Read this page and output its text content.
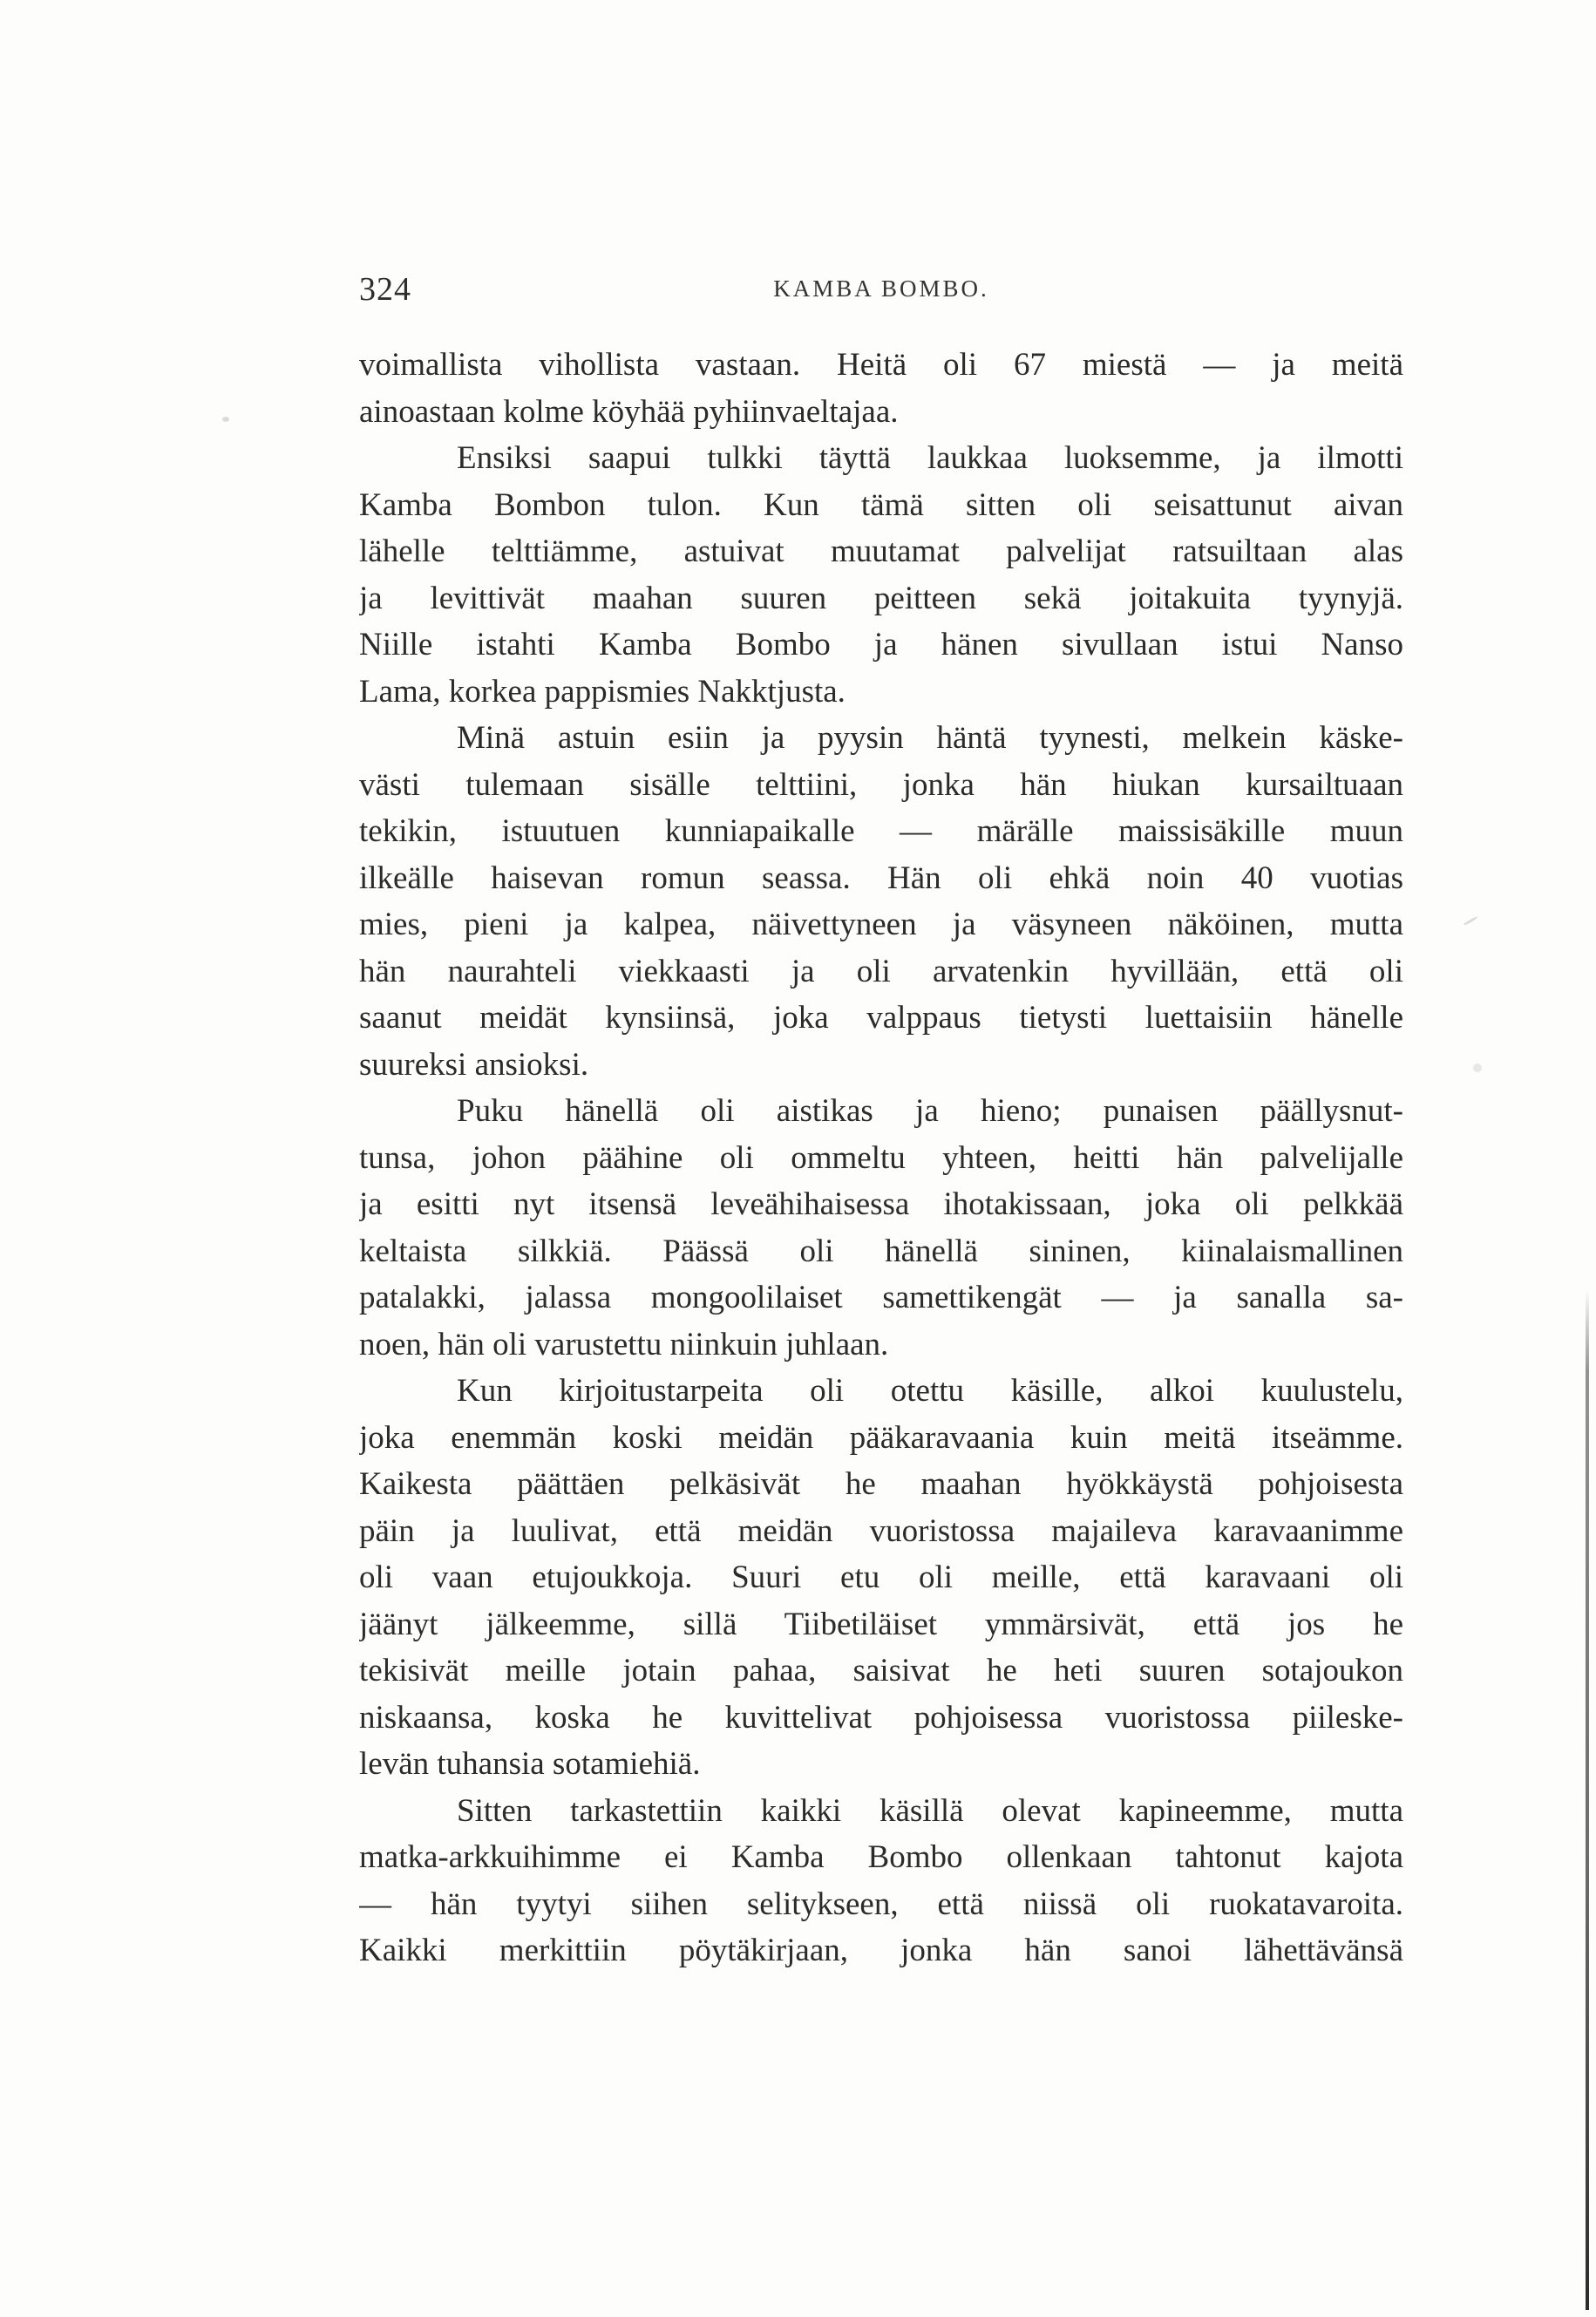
324	KAMBA BOMBO.
voimallista vihollista vastaan. Heitä oli 67 miestä — ja meitä
ainoastaan kolme köyhää pyhiinvaeltajaa.
Ensiksi saapui tulkki täyttä laukkaa luoksemme, ja ilmotti
Kamba Bombon tulon. Kun tämä sitten oli seisattunut aivan
lähelle telttiämme, astuivat muutamat palvelijat ratsuiltaan alas
ja levittivät maahan suuren peitteen sekä joitakuita tyynyjä.
Niille istahti Kamba Bombo ja hänen sivullaan istui Nanso
Lama, korkea pappismies Nakktjusta.
Minä astuin esiin ja pyysin häntä tyynesti, melkein käske-
västi tulemaan sisälle telttiini, jonka hän hiukan kursailtuaan
tekikin, istuutuen kunniapaikalle — märälle maissisäkille muun
ilkeälle haisevan romun seassa. Hän oli ehkä noin 40 vuotias
mies, pieni ja kalpea, näivettyneen ja väsyneen näköinen, mutta
hän naurahteli viekkaasti ja oli arvatenkin hyvillään, että oli
saanut meidät kynsiinsä, joka valppaus tietysti luettaisiin hänelle
suureksi ansioksi.
Puku hänellä oli aistikas ja hieno; punaisen päällysnut-
tunsa, johon päähine oli ommeltu yhteen, heitti hän palvelijalle
ja esitti nyt itsensä leveähihaisessa ihotakissaan, joka oli pelkkää
keltaista silkkiä. Päässä oli hänellä sininen, kiinalaismallinen
patalakki, jalassa mongoolilaiset samettikengät — ja sanalla sa-
noen, hän oli varustettu niinkuin juhlaan.
Kun kirjoitustarpeita oli otettu käsille, alkoi kuulustelu,
joka enemmän koski meidän pääkaravaania kuin meitä itseämme.
Kaikesta päättäen pelkäsivät he maahan hyökkäystä pohjoisesta
päin ja luulivat, että meidän vuoristossa majaileva karavaanimme
oli vaan etujoukkoja. Suuri etu oli meille, että karavaani oli
jäänyt jälkeemme, sillä Tiibetiläiset ymmärsivät, että jos he
tekisivät meille jotain pahaa, saisivat he heti suuren sotajoukon
niskaansa, koska he kuvittelivat pohjoisessa vuoristossa piileske-
levän tuhansia sotamiehiä.
Sitten tarkastettiin kaikki käsillä olevat kapineemme, mutta
matka-arkkuihimme ei Kamba Bombo ollenkaan tahtonut kajota
— hän tyytyi siihen selitykseen, että niissä oli ruokatavaroita.
Kaikki merkittiin pöytäkirjaan, jonka hän sanoi lähettävänsä
